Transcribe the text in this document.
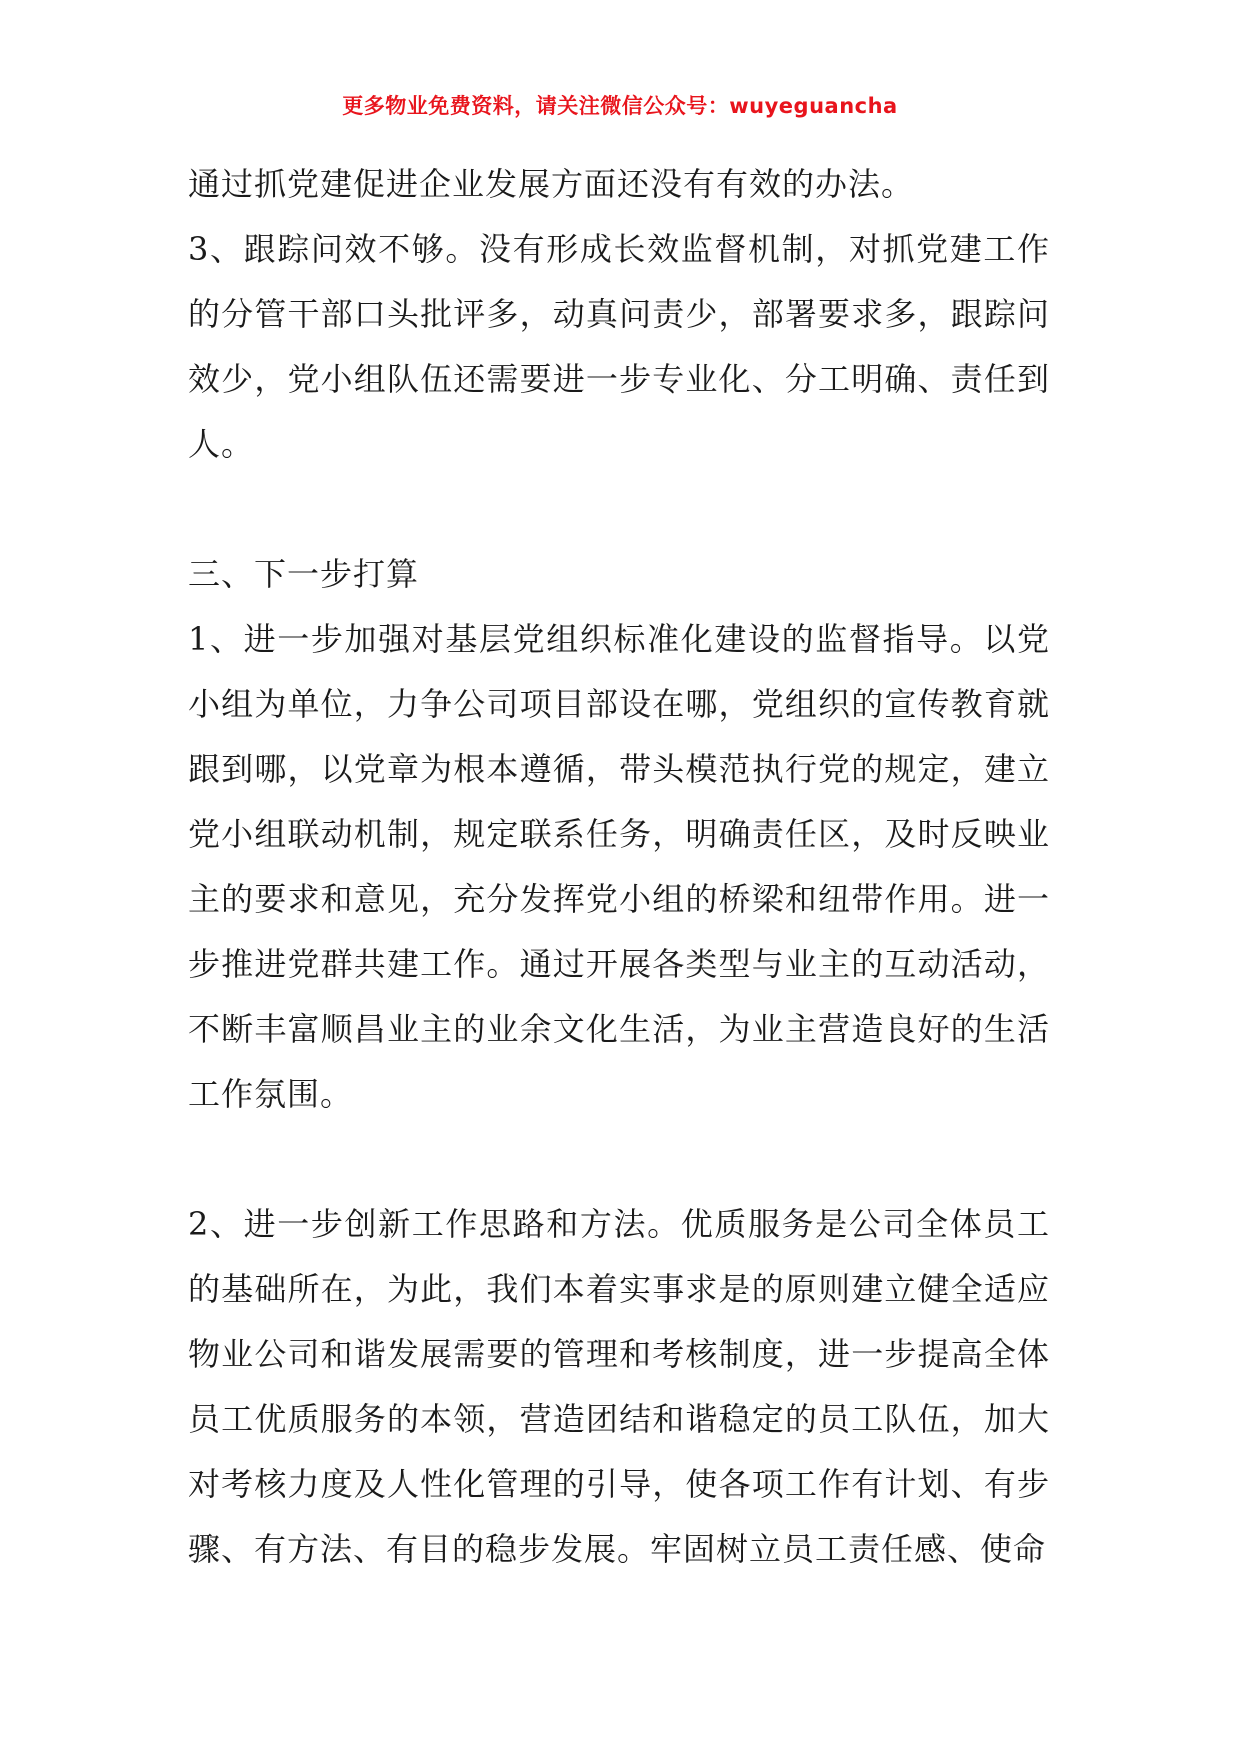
更多物业免费资料，请关注微信公众号：wuyeguancha

通过抓党建促进企业发展方面还没有有效的办法。

3、跟踪问效不够。没有形成长效监督机制，对抓党建工作的分管干部口头批评多，动真问责少，部署要求多，跟踪问效少，党小组队伍还需要进一步专业化、分工明确、责任到人。

三、下一步打算

1、进一步加强对基层党组织标准化建设的监督指导。以党小组为单位，力争公司项目部设在哪，党组织的宣传教育就跟到哪，以党章为根本遵循，带头模范执行党的规定，建立党小组联动机制，规定联系任务，明确责任区，及时反映业主的要求和意见，充分发挥党小组的桥梁和纽带作用。进一步推进党群共建工作。通过开展各类型与业主的互动活动，不断丰富顺昌业主的业余文化生活，为业主营造良好的生活工作氛围。

2、进一步创新工作思路和方法。优质服务是公司全体员工的基础所在，为此，我们本着实事求是的原则建立健全适应物业公司和谐发展需要的管理和考核制度，进一步提高全体员工优质服务的本领，营造团结和谐稳定的员工队伍，加大对考核力度及人性化管理的引导，使各项工作有计划、有步骤、有方法、有目的稳步发展。牢固树立员工责任感、使命
